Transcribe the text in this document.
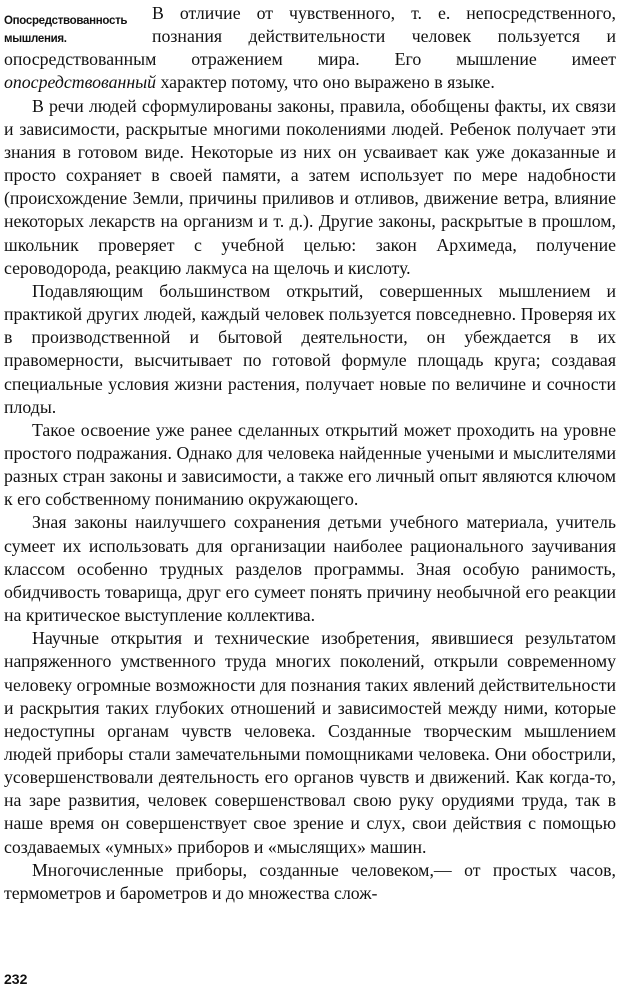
Опосредствованность мышления.

В отличие от чувственного, т. е. непосредственного, познания действительности человек пользуется и опосредствованным отражением мира. Его мышление имеет опосредствованный характер потому, что оно выражено в языке.

В речи людей сформулированы законы, правила, обобщены факты, их связи и зависимости, раскрытые многими поколениями людей. Ребенок получает эти знания в готовом виде. Некоторые из них он усваивает как уже доказанные и просто сохраняет в своей памяти, а затем использует по мере надобности (происхождение Земли, причины приливов и отливов, движение ветра, влияние некоторых лекарств на организм и т. д.). Другие законы, раскрытые в прошлом, школьник проверяет с учебной целью: закон Архимеда, получение сероводорода, реакцию лакмуса на щелочь и кислоту.

Подавляющим большинством открытий, совершенных мышлением и практикой других людей, каждый человек пользуется повседневно. Проверяя их в производственной и бытовой деятельности, он убеждается в их правомерности, высчитывает по готовой формуле площадь круга; создавая специальные условия жизни растения, получает новые по величине и сочности плоды.

Такое освоение уже ранее сделанных открытий может проходить на уровне простого подражания. Однако для человека найденные учеными и мыслителями разных стран законы и зависимости, а также его личный опыт являются ключом к его собственному пониманию окружающего.

Зная законы наилучшего сохранения детьми учебного материала, учитель сумеет их использовать для организации наиболее рационального заучивания классом особенно трудных разделов программы. Зная особую ранимость, обидчивость товарища, друг его сумеет понять причину необычной его реакции на критическое выступление коллектива.

Научные открытия и технические изобретения, явившиеся результатом напряженного умственного труда многих поколений, открыли современному человеку огромные возможности для познания таких явлений действительности и раскрытия таких глубоких отношений и зависимостей между ними, которые недоступны органам чувств человека. Созданные творческим мышлением людей приборы стали замечательными помощниками человека. Они обострили, усовершенствовали деятельность его органов чувств и движений. Как когда-то, на заре развития, человек совершенствовал свою руку орудиями труда, так в наше время он совершенствует свое зрение и слух, свои действия с помощью создаваемых «умных» приборов и «мыслящих» машин.

Многочисленные приборы, созданные человеком,— от простых часов, термометров и барометров и до множества слож-

232
